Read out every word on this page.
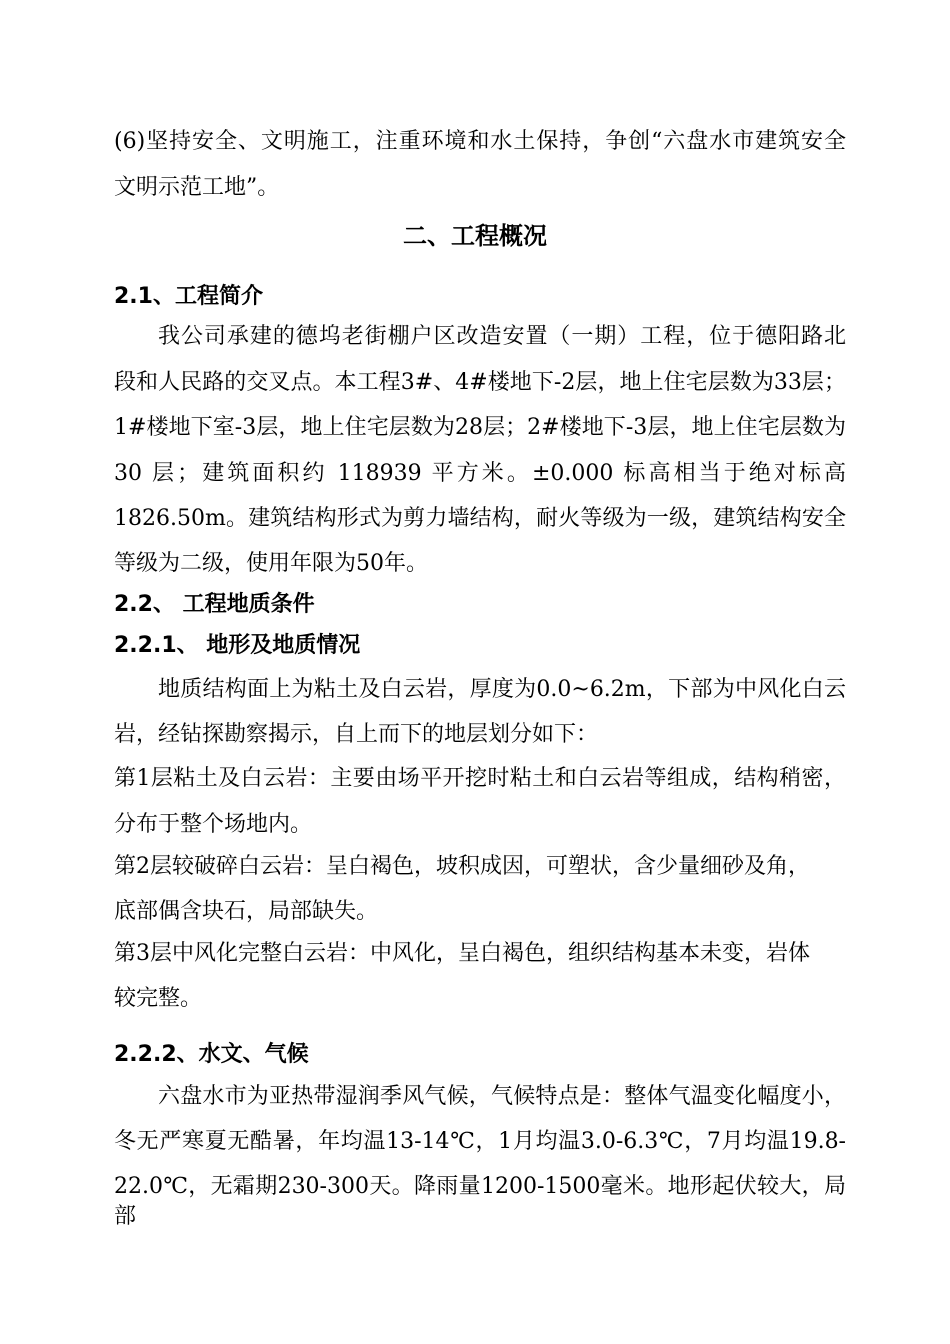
(6)坚持安全、文明施工，注重环境和水土保持，争创“六盘水市建筑安全
文明示范工地”。
二、工程概况
2.1、工程简介
我公司承建的德坞老街棚户区改造安置（一期）工程，位于德阳路北
段和人民路的交叉点。本工程3#、4#楼地下-2层，地上住宅层数为33层；
1#楼地下室-3层，地上住宅层数为28层；2#楼地下-3层，地上住宅层数为
30 层；建筑面积约 118939 平方米。±0.000 标高相当于绝对标高
1826.50m。建筑结构形式为剪力墙结构，耐火等级为一级，建筑结构安全
等级为二级，使用年限为50年。
2.2、 工程地质条件
2.2.1、 地形及地质情况
地质结构面上为粘土及白云岩，厚度为0.0~6.2m，下部为中风化白云
岩，经钻探勘察揭示，自上而下的地层划分如下：
第1层粘土及白云岩：主要由场平开挖时粘土和白云岩等组成，结构稍密，
分布于整个场地内。
第2层较破碎白云岩：呈白褐色，坡积成因，可塑状，含少量细砂及角，
底部偶含块石，局部缺失。
第3层中风化完整白云岩：中风化，呈白褐色，组织结构基本未变，岩体
较完整。
2.2.2、水文、气候
六盘水市为亚热带湿润季风气候，气候特点是：整体气温变化幅度小，
冬无严寒夏无酷暑，年均温13-14℃，1月均温3.0-6.3℃，7月均温19.8-
22.0℃，无霜期230-300天。降雨量1200-1500毫米。地形起伏较大，局部
